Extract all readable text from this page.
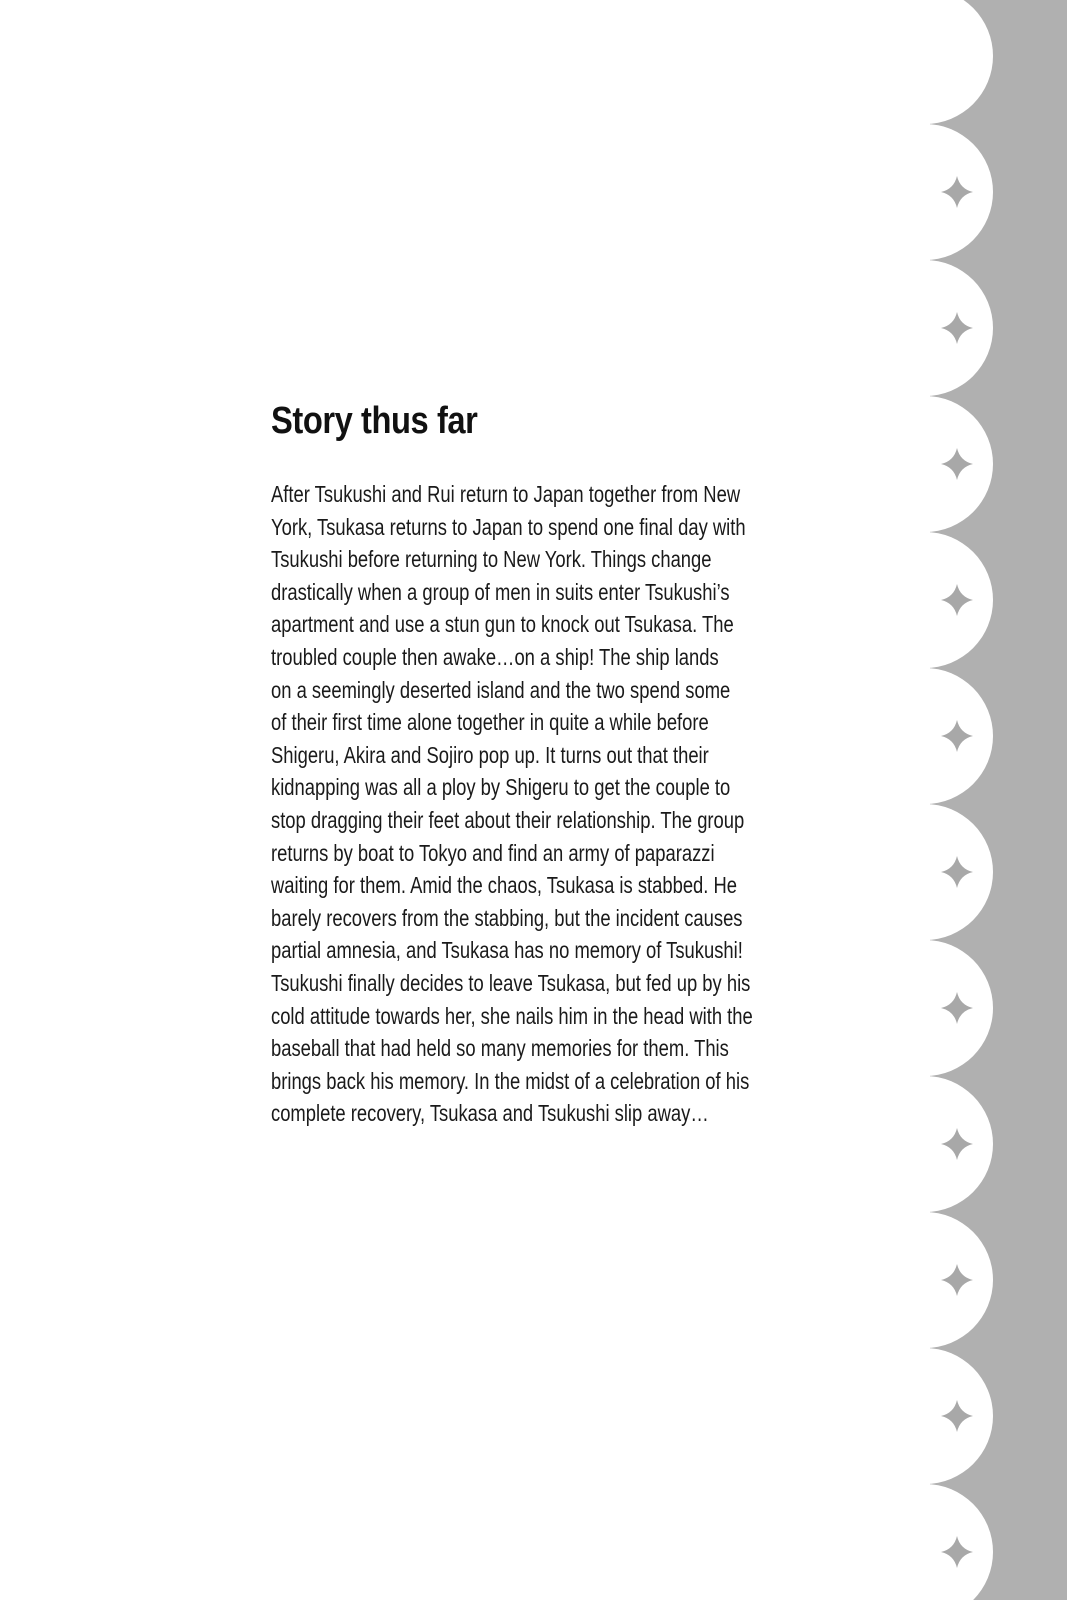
Story thus far

After Tsukushi and Rui return to Japan together from New
York, Tsukasa returns to Japan to spend one final day with
Tsukushi before returning to New York. Things change
drastically when a group of men in suits enter Tsukushi’s
apartment and use a stun gun to knock out Tsukasa. The
troubled couple then awake…on a ship! The ship lands
on a seemingly deserted island and the two spend some
of their first time alone together in quite a while before
Shigeru, Akira and Sojiro pop up. It turns out that their
kidnapping was all a ploy by Shigeru to get the couple to
stop dragging their feet about their relationship. The group
returns by boat to Tokyo and find an army of paparazzi
waiting for them. Amid the chaos, Tsukasa is stabbed. He
barely recovers from the stabbing, but the incident causes
partial amnesia, and Tsukasa has no memory of Tsukushi!
Tsukushi finally decides to leave Tsukasa, but fed up by his
cold attitude towards her, she nails him in the head with the
baseball that had held so many memories for them. This
brings back his memory. In the midst of a celebration of his
complete recovery, Tsukasa and Tsukushi slip away…
